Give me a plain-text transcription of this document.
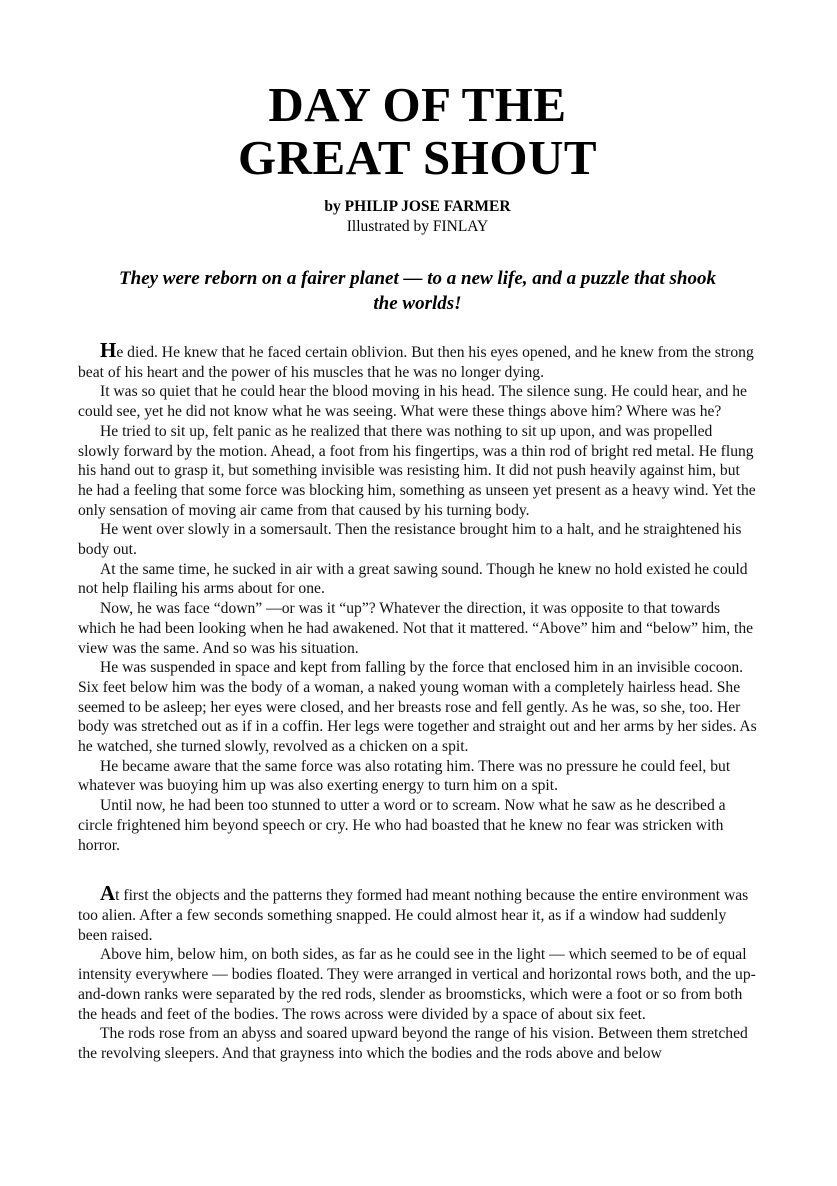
DAY OF THE
GREAT SHOUT
by PHILIP JOSE FARMER
Illustrated by FINLAY
They were reborn on a fairer planet — to a new life, and a puzzle that shook the worlds!

He died. He knew that he faced certain oblivion. But then his eyes opened, and he knew from the strong beat of his heart and the power of his muscles that he was no longer dying.

It was so quiet that he could hear the blood moving in his head. The silence sung. He could hear, and he could see, yet he did not know what he was seeing. What were these things above him? Where was he?

He tried to sit up, felt panic as he realized that there was nothing to sit up upon, and was propelled slowly forward by the motion. Ahead, a foot from his fingertips, was a thin rod of bright red metal. He flung his hand out to grasp it, but something invisible was resisting him. It did not push heavily against him, but he had a feeling that some force was blocking him, something as unseen yet present as a heavy wind. Yet the only sensation of moving air came from that caused by his turning body.

He went over slowly in a somersault. Then the resistance brought him to a halt, and he straightened his body out.

At the same time, he sucked in air with a great sawing sound. Though he knew no hold existed he could not help flailing his arms about for one.

Now, he was face “down” —or was it “up”? Whatever the direction, it was opposite to that towards which he had been looking when he had awakened. Not that it mattered. “Above” him and “below” him, the view was the same. And so was his situation.

He was suspended in space and kept from falling by the force that enclosed him in an invisible cocoon. Six feet below him was the body of a woman, a naked young woman with a completely hairless head. She seemed to be asleep; her eyes were closed, and her breasts rose and fell gently. As he was, so she, too. Her body was stretched out as if in a coffin. Her legs were together and straight out and her arms by her sides. As he watched, she turned slowly, revolved as a chicken on a spit.

He became aware that the same force was also rotating him. There was no pressure he could feel, but whatever was buoying him up was also exerting energy to turn him on a spit.

Until now, he had been too stunned to utter a word or to scream. Now what he saw as he described a circle frightened him beyond speech or cry. He who had boasted that he knew no fear was stricken with horror.

At first the objects and the patterns they formed had meant nothing because the entire environment was too alien. After a few seconds something snapped. He could almost hear it, as if a window had suddenly been raised.

Above him, below him, on both sides, as far as he could see in the light — which seemed to be of equal intensity everywhere — bodies floated. They were arranged in vertical and horizontal rows both, and the up-and-down ranks were separated by the red rods, slender as broomsticks, which were a foot or so from both the heads and feet of the bodies. The rows across were divided by a space of about six feet.

The rods rose from an abyss and soared upward beyond the range of his vision. Between them stretched the revolving sleepers. And that grayness into which the bodies and the rods above and below
